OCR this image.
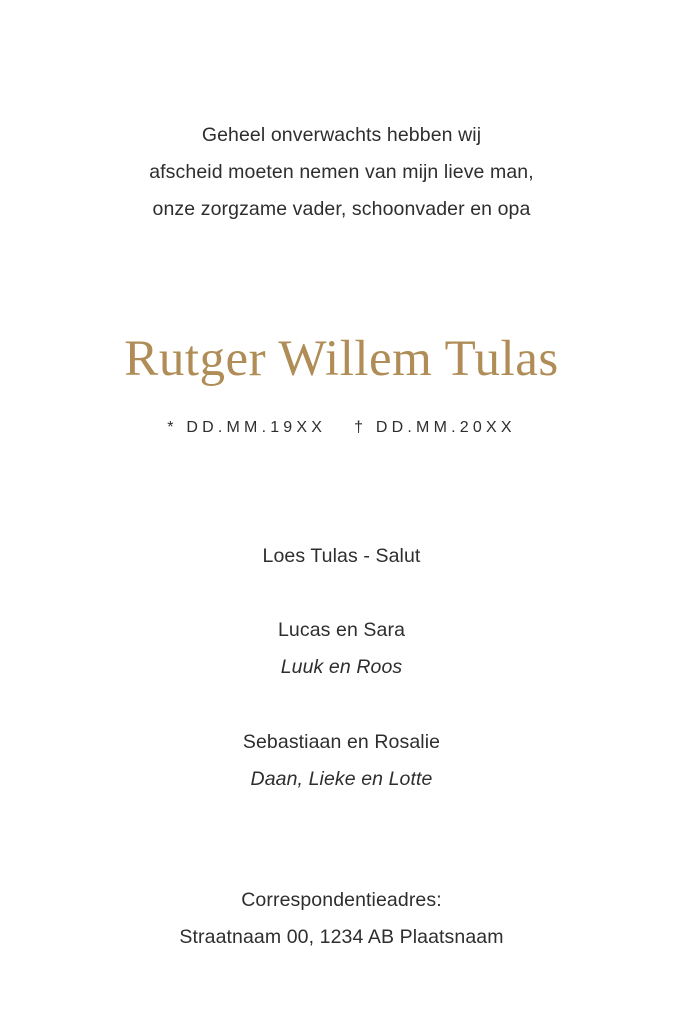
Geheel onverwachts hebben wij
afscheid moeten nemen van mijn lieve man,
onze zorgzame vader, schoonvader en opa
Rutger Willem Tulas
* DD.MM.19XX † DD.MM.20XX
Loes Tulas - Salut
Lucas en Sara
Luuk en Roos
Sebastiaan en Rosalie
Daan, Lieke en Lotte
Correspondentieadres:
Straatnaam 00, 1234 AB Plaatsnaam
